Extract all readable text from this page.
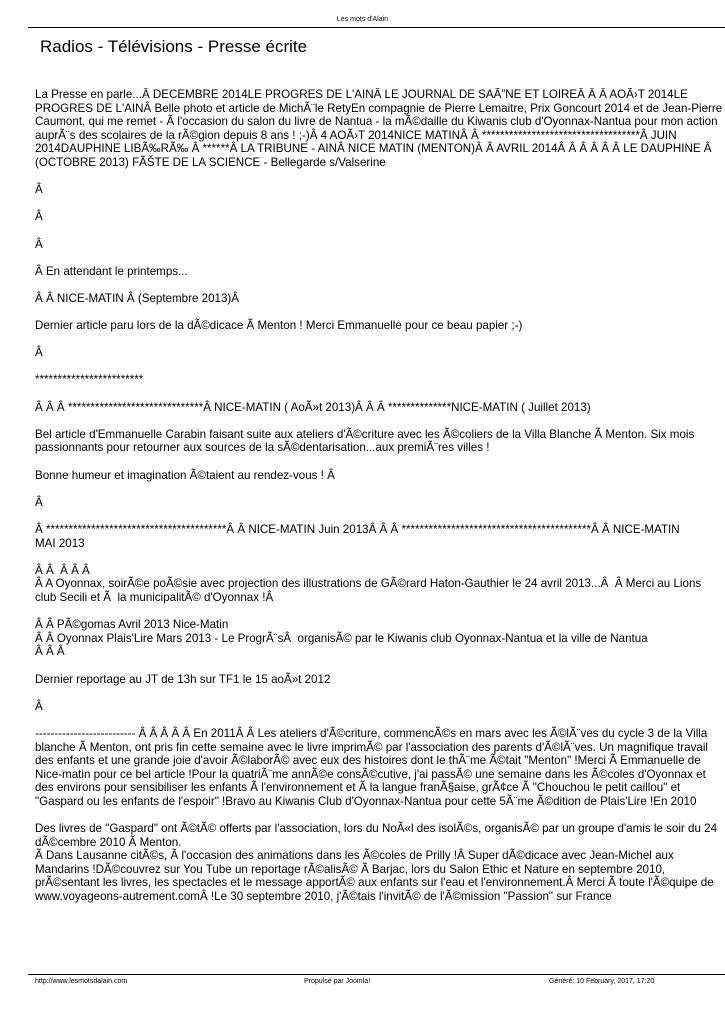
Les mots d'Alain
Radios - Télévisions - Presse écrite

La Presse en parle...Â DECEMBRE 2014LE PROGRES DE L'AINÂ LE JOURNAL DE SAÃ”NE ET LOIREÂ Â Â AOÃ›T 2014LE PROGRES DE L'AINÂ Belle photo et article de MichÃ¨le RetyEn compagnie de Pierre Lemaitre, Prix Goncourt 2014 et de Jean-Pierre Caumont, qui me remet - Ã l'occasion du salon du livre de Nantua - la mÃ©daille du Kiwanis club d'Oyonnax-Nantua pour mon action auprÃ¨s des scolaires de la rÃ©gion depuis 8 ans ! ;-)Â 4 AOÃ›T 2014NICE MATINÂ Â ***********************************Â JUIN 2014DAUPHINE LIBÃ‰RÃ‰ Â ******Â LA TRIBUNE - AINÂ NICE MATIN (MENTON)Â Â AVRIL 2014Â Â Â Â Â Â LE DAUPHINE Â (OCTOBRE 2013) FÃŠTE DE LA SCIENCE - Bellegarde s/Valserine

Â

Â

Â

Â En attendant le printemps...

Â Â NICE-MATIN Â (Septembre 2013)Â

Dernier article paru lors de la dÃ©dicace Ã Menton ! Merci Emmanuelle pour ce beau papier ;-)

Â

************************

Â Â Â ******************************Â NICE-MATIN ( AoÃ»t 2013)Â Â Â **************NICE-MATIN ( Juillet 2013)

Bel article d'Emmanuelle Carabin faisant suite aux ateliers d'Ã©criture avec les Ã©coliers de la Villa Blanche Ã Menton. Six mois passionnants pour retourner aux sources de la sÃ©dentarisation...aux premiÃ¨res villes !

Bonne humeur et imagination Ã©taient au rendez-vous ! Â

Â

Â ****************************************Â Â NICE-MATIN Juin 2013Â Â Â ******************************************Â Â NICE-MATIN
MAI 2013

Â Â  Â Â Â
Â A Oyonnax, soirÃ©e poÃ©sie avec projection des illustrations de GÃ©rard Haton-Gauthier le 24 avril 2013...Â  Â Merci au Lions
club Secili et Ã  la municipalitÃ© d'Oyonnax !Â

Â Â PÃ©gomas Avril 2013 Nice-Matin
Â Â Oyonnax Plais'Lire Mars 2013 - Le ProgrÃ¨sÂ  organisÃ© par le Kiwanis club Oyonnax-Nantua et la ville de Nantua
Â Â Â

Dernier reportage au JT de 13h sur TF1 le 15 aoÃ»t 2012

Â

-------------------------- Â Â Â Â Â En 2011Â Â Les ateliers d'Ã©criture, commencÃ©s en mars avec les Ã©lÃ¨ves du cycle 3 de la Villa
blanche Ã Menton, ont pris fin cette semaine avec le livre imprimÃ© par l'association des parents d'Ã©lÃ¨ves. Un magnifique travail des enfants et une grande joie d'avoir Ã©laborÃ© avec eux des histoires dont le thÃ¨me Ã©tait "Menton" !Merci Ã Emmanuelle de Nice-matin pour ce bel article !Pour la quatriÃ¨me annÃ©e consÃ©cutive, j'ai passÃ© une semaine dans les Ã©coles d'Oyonnax et des environs pour sensibiliser les enfants Ã l'environnement et Ã la langue franÃ§aise, grÃ¢ce Ã "Chouchou le petit caillou" et "Gaspard ou les enfants de l'espoir" !Bravo au Kiwanis Club d'Oyonnax-Nantua pour cette 5Ã¨me Ã©dition de Plais'Lire !En 2010

Des livres de "Gaspard" ont Ã©tÃ© offerts par l'association, lors du NoÃ«l des isolÃ©s, organisÃ© par un groupe d'amis le soir du 24 dÃ©cembre 2010 Ã Menton.
Ã Dans Lausanne citÃ©s, Ã l'occasion des animations dans les Ã©coles de Prilly !Â Super dÃ©dicace avec Jean-Michel aux Mandarins !DÃ©couvrez sur You Tube un reportage rÃ©alisÃ© Ã Barjac, lors du Salon Ethic et Nature en septembre 2010, prÃ©sentant les livres, les spectacles et le message apportÃ© aux enfants sur l'eau et l'environnement.Â Merci Ã toute l'Ã©quipe de www.voyageons-autrement.comÂ !Le 30 septembre 2010, j'Ã©tais l'invitÃ© de l'Ã©mission "Passion" sur France

http://www.lesmotsdalain.com	Propulsé par Joomla!	Généré: 10 February, 2017, 17:20
